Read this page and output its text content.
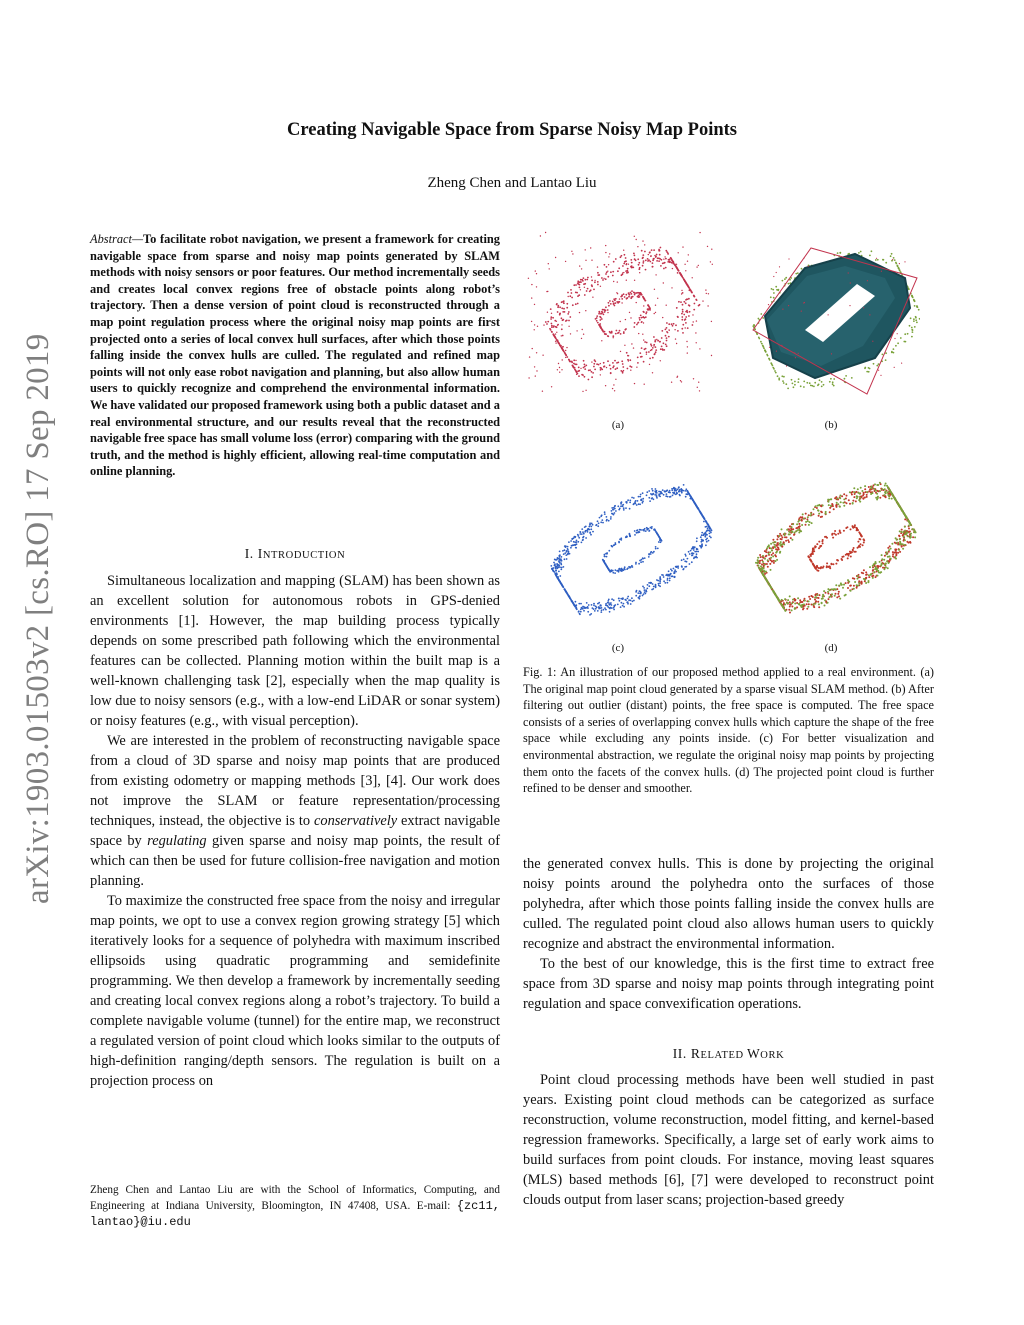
Creating Navigable Space from Sparse Noisy Map Points
Zheng Chen and Lantao Liu
arXiv:1903.01503v2 [cs.RO] 17 Sep 2019
Abstract—To facilitate robot navigation, we present a framework for creating navigable space from sparse and noisy map points generated by SLAM methods with noisy sensors or poor features. Our method incrementally seeds and creates local convex regions free of obstacle points along robot’s trajectory. Then a dense version of point cloud is reconstructed through a map point regulation process where the original noisy map points are first projected onto a series of local convex hull surfaces, after which those points falling inside the convex hulls are culled. The regulated and refined map points will not only ease robot navigation and planning, but also allow human users to quickly recognize and comprehend the environmental information. We have validated our proposed framework using both a public dataset and a real environmental structure, and our results reveal that the reconstructed navigable free space has small volume loss (error) comparing with the ground truth, and the method is highly efficient, allowing real-time computation and online planning.
I. INTRODUCTION

Simultaneous localization and mapping (SLAM) has been shown as an excellent solution for autonomous robots in GPS-denied environments [1]. However, the map building process typically depends on some prescribed path following which the environmental features can be collected. Planning motion within the built map is a well-known challenging task [2], especially when the map quality is low due to noisy sensors (e.g., with a low-end LiDAR or sonar system) or noisy features (e.g., with visual perception).

We are interested in the problem of reconstructing navigable space from a cloud of 3D sparse and noisy map points that are produced from existing odometry or mapping methods [3], [4]. Our work does not improve the SLAM or feature representation/processing techniques, instead, the objective is to conservatively extract navigable space by regulating given sparse and noisy map points, the result of which can then be used for future collision-free navigation and motion planning.

To maximize the constructed free space from the noisy and irregular map points, we opt to use a convex region growing strategy [5] which iteratively looks for a sequence of polyhedra with maximum inscribed ellipsoids using quadratic programming and semidefinite programming. We then develop a framework by incrementally seeding and creating local convex regions along a robot’s trajectory. To build a complete navigable volume (tunnel) for the entire map, we reconstruct a regulated version of point cloud which looks similar to the outputs of high-definition ranging/depth sensors. The regulation is built on a projection process on

Zheng Chen and Lantao Liu are with the School of Informatics, Computing, and Engineering at Indiana University, Bloomington, IN 47408, USA. E-mail: {zc11, lantao}@iu.edu
(a)	(b)
(c)	(d)
Fig. 1: An illustration of our proposed method applied to a real environment. (a) The original map point cloud generated by a sparse visual SLAM method. (b) After filtering out outlier (distant) points, the free space is computed. The free space consists of a series of overlapping convex hulls which capture the shape of the free space while excluding any points inside. (c) For better visualization and environmental abstraction, we regulate the original noisy map points by projecting them onto the facets of the convex hulls. (d) The projected point cloud is further refined to be denser and smoother.

the generated convex hulls. This is done by projecting the original noisy points around the polyhedra onto the surfaces of those polyhedra, after which those points falling inside the convex hulls are culled. The regulated point cloud also allows human users to quickly recognize and abstract the environmental information.

To the best of our knowledge, this is the first time to extract free space from 3D sparse and noisy map points through integrating point regulation and space convexification operations.

II. RELATED WORK

Point cloud processing methods have been well studied in past years. Existing point cloud methods can be categorized as surface reconstruction, volume reconstruction, model fitting, and kernel-based regression frameworks. Specifically, a large set of early work aims to build surfaces from point clouds. For instance, moving least squares (MLS) based methods [6], [7] were developed to reconstruct point clouds output from laser scans; projection-based greedy
